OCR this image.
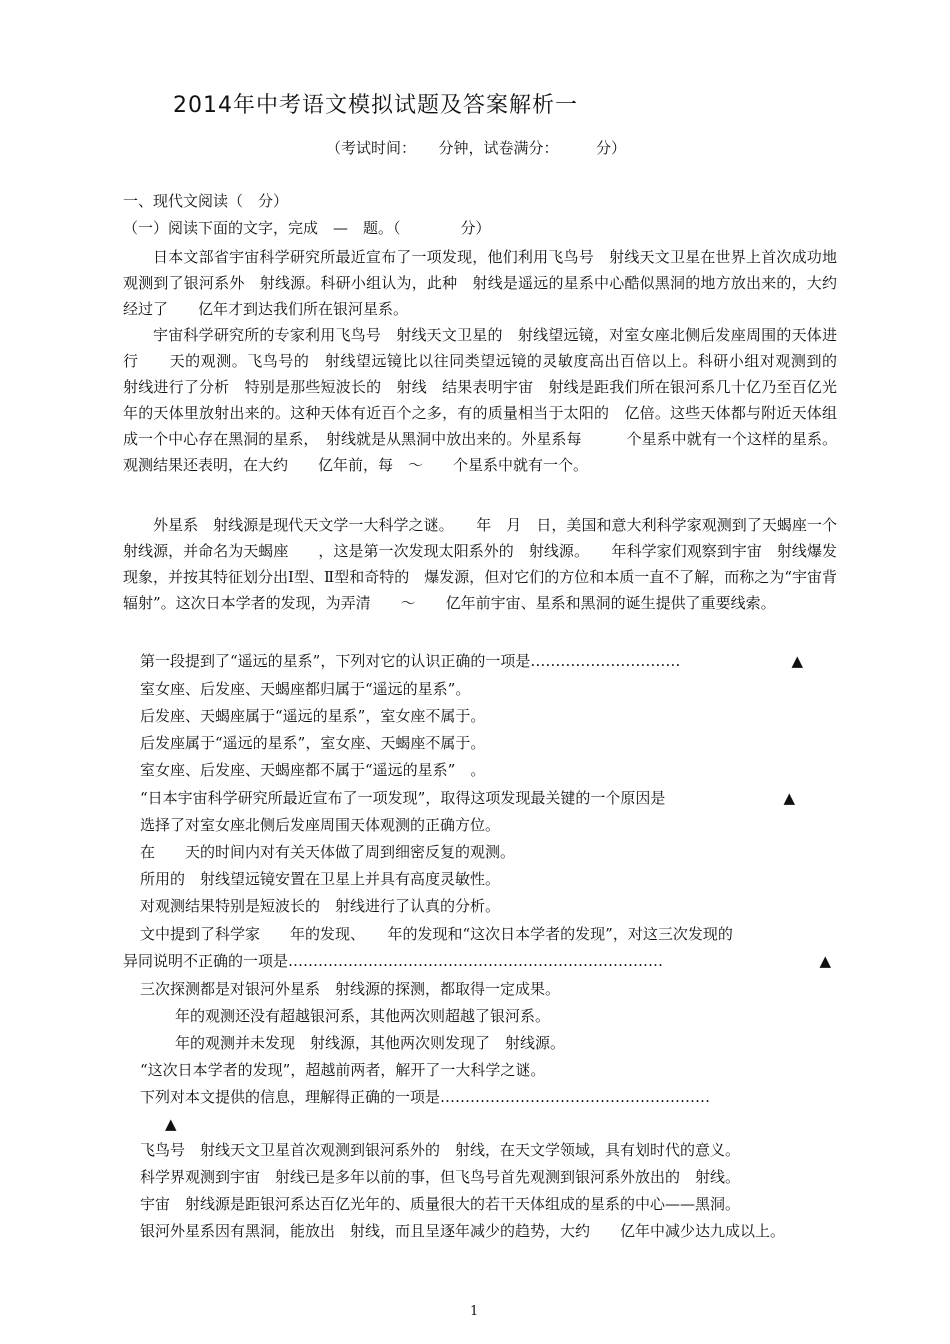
2014年中考语文模拟试题及答案解析一
（考试时间：　　分钟，试卷满分：　　　分）
一、现代文阅读（　分）
（一）阅读下面的文字，完成　—　题。（　　　　分）
日本文部省宇宙科学研究所最近宣布了一项发现，他们利用飞鸟号　射线天文卫星在世界上首次成功地观测到了银河系外　射线源。科研小组认为，此种　射线是遥远的星系中心酷似黑洞的地方放出来的，大约经过了　　亿年才到达我们所在银河星系。
宇宙科学研究所的专家利用飞鸟号　射线天文卫星的　射线望远镜，对室女座北侧后发座周围的天体进行　　天的观测。飞鸟号的　射线望远镜比以往同类望远镜的灵敏度高出百倍以上。科研小组对观测到的　射线进行了分析　特别是那些短波长的　射线　结果表明宇宙　射线是距我们所在银河系几十亿乃至百亿光年的天体里放射出来的。这种天体有近百个之多，有的质量相当于太阳的　亿倍。这些天体都与附近天体组成一个中心存在黑洞的星系，　射线就是从黑洞中放出来的。外星系每　　　个星系中就有一个这样的星系。观测结果还表明，在大约　　亿年前，每　～　　个星系中就有一个。
外星系　射线源是现代天文学一大科学之谜。　　年　月　日，美国和意大利科学家观测到了天蝎座一个　射线源，并命名为天蝎座　　，这是第一次发现太阳系外的　射线源。　　年科学家们观察到宇宙　射线爆发现象，并按其特征划分出Ⅰ型、Ⅱ型和奇特的　爆发源，但对它们的方位和本质一直不了解，而称之为“宇宙背辐射”。这次日本学者的发现，为弄清　　～　　亿年前宇宙、星系和黑洞的诞生提供了重要线索。
第一段提到了“遥远的星系”，下列对它的认识正确的一项是…………………………	▲
室女座、后发座、天蝎座都归属于“遥远的星系”。
后发座、天蝎座属于“遥远的星系”，室女座不属于。
后发座属于“遥远的星系”，室女座、天蝎座不属于。
室女座、后发座、天蝎座都不属于“遥远的星系”　。
“日本宇宙科学研究所最近宣布了一项发现”，取得这项发现最关键的一个原因是	▲
选择了对室女座北侧后发座周围天体观测的正确方位。
在　　天的时间内对有关天体做了周到细密反复的观测。
所用的　射线望远镜安置在卫星上并具有高度灵敏性。
对观测结果特别是短波长的　射线进行了认真的分析。
文中提到了科学家　　年的发现、　　年的发现和“这次日本学者的发现”，对这三次发现的
异同说明不正确的一项是…………………………………………………………………	▲
三次探测都是对银河外星系　射线源的探测，都取得一定成果。
年的观测还没有超越银河系，其他两次则超越了银河系。
年的观测并未发现　射线源，其他两次则发现了　射线源。
“这次日本学者的发现”，超越前两者，解开了一大科学之谜。
下列对本文提供的信息，理解得正确的一项是………………………………………………
▲
飞鸟号　射线天文卫星首次观测到银河系外的　射线，在天文学领域，具有划时代的意义。
科学界观测到宇宙　射线已是多年以前的事，但飞鸟号首先观测到银河系外放出的　射线。
宇宙　射线源是距银河系达百亿光年的、质量很大的若干天体组成的星系的中心——黑洞。
银河外星系因有黑洞，能放出　射线，而且呈逐年减少的趋势，大约　　亿年中减少达九成以上。
1
